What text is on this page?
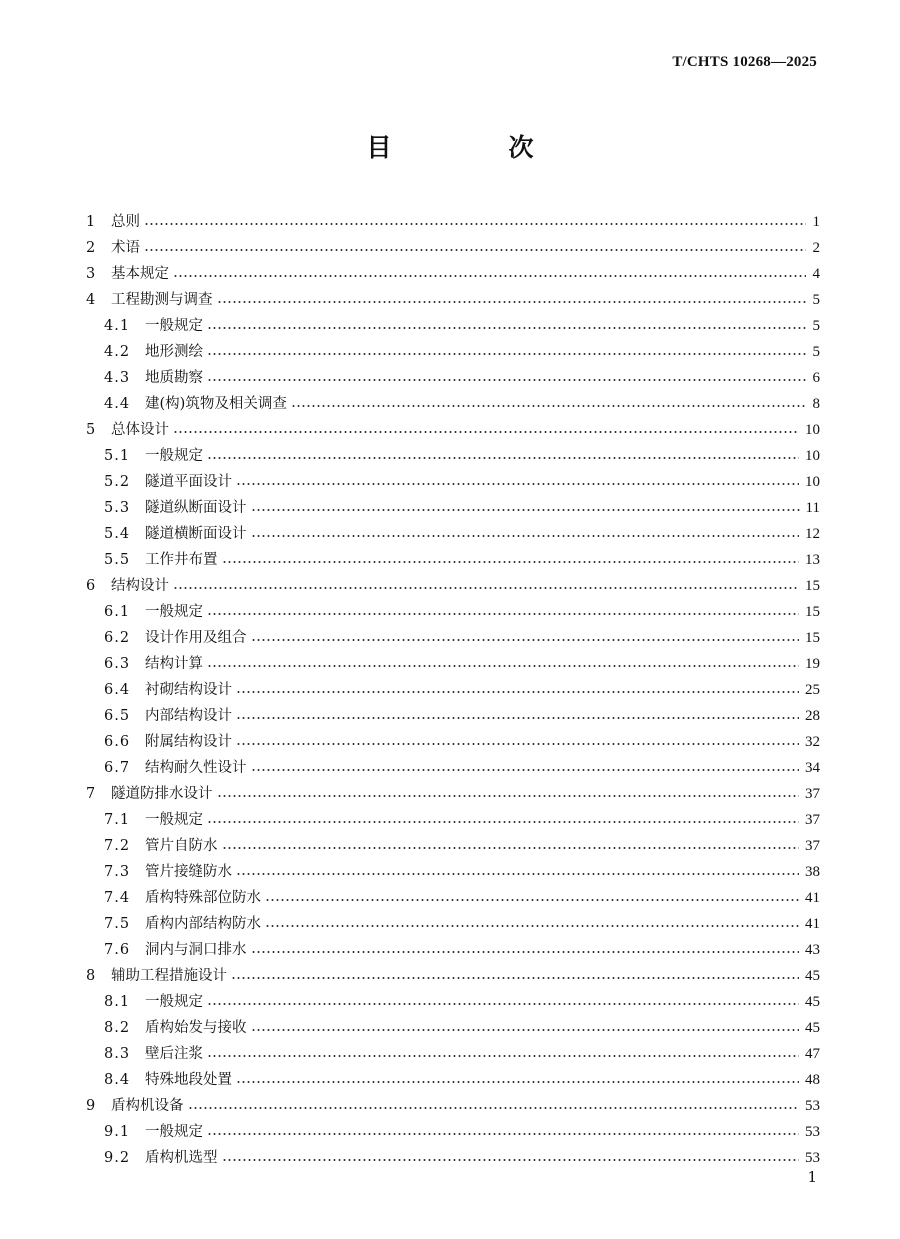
T/CHTS 10268—2025
目　次
1	总则	1
2	术语	2
3	基本规定	4
4	工程勘测与调查	5
4.1	一般规定	5
4.2	地形测绘	5
4.3	地质勘察	6
4.4	建(构)筑物及相关调查	8
5	总体设计	10
5.1	一般规定	10
5.2	隧道平面设计	10
5.3	隧道纵断面设计	11
5.4	隧道横断面设计	12
5.5	工作井布置	13
6	结构设计	15
6.1	一般规定	15
6.2	设计作用及组合	15
6.3	结构计算	19
6.4	衬砌结构设计	25
6.5	内部结构设计	28
6.6	附属结构设计	32
6.7	结构耐久性设计	34
7	隧道防排水设计	37
7.1	一般规定	37
7.2	管片自防水	37
7.3	管片接缝防水	38
7.4	盾构特殊部位防水	41
7.5	盾构内部结构防水	41
7.6	洞内与洞口排水	43
8	辅助工程措施设计	45
8.1	一般规定	45
8.2	盾构始发与接收	45
8.3	壁后注浆	47
8.4	特殊地段处置	48
9	盾构机设备	53
9.1	一般规定	53
9.2	盾构机选型	53
1
